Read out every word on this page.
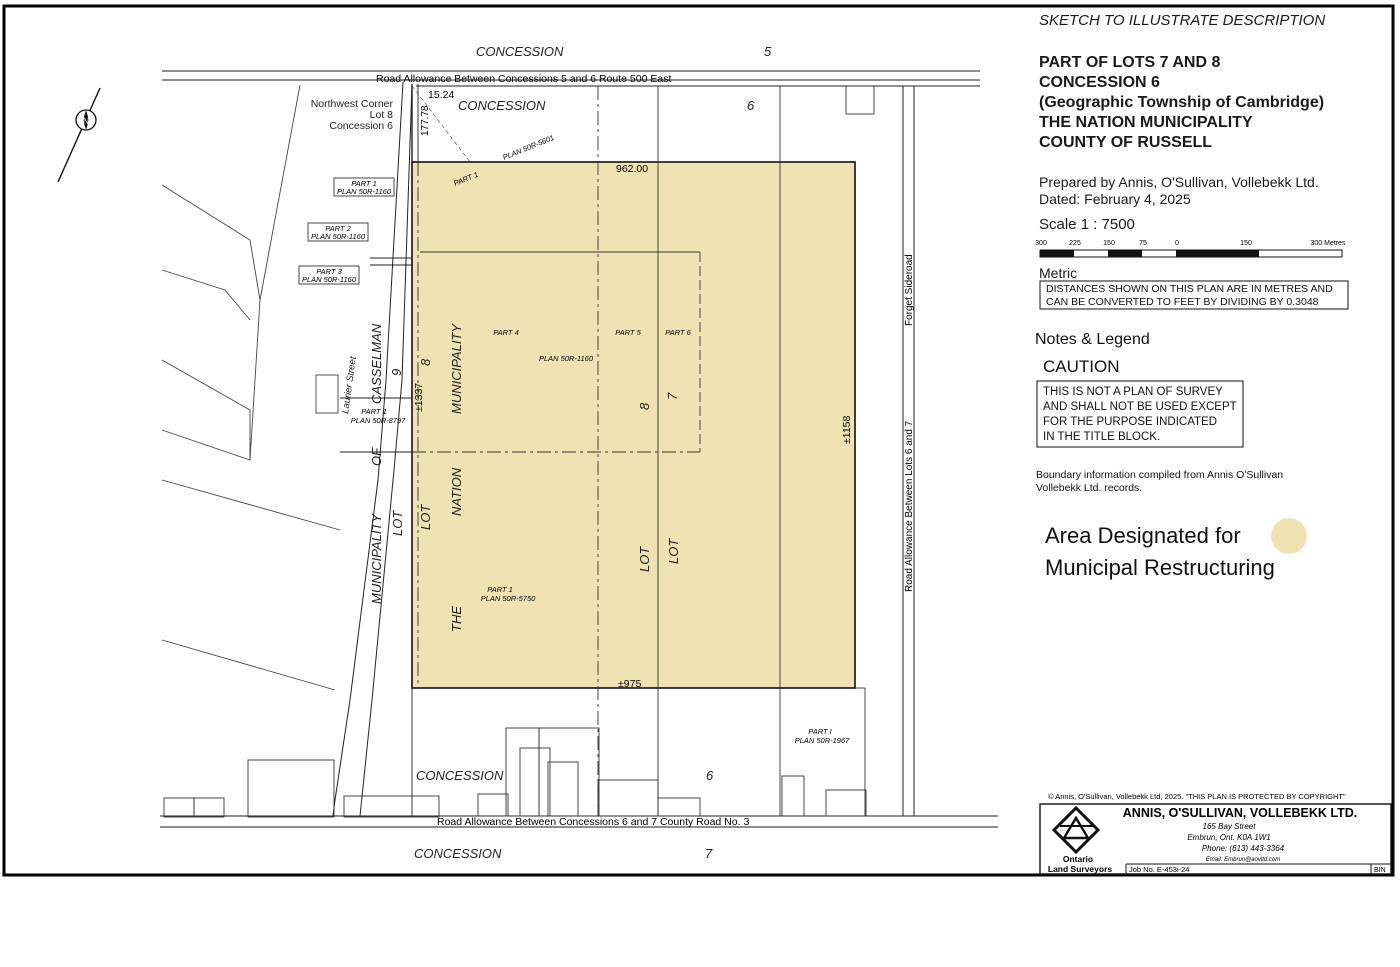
N
CONCESSION	5
CONCESSION	6
CONCESSION	6
CONCESSION	7
Road Allowance Between Concessions 5 and 6 Route 500 East
Road Allowance Between Concessions 6 and 7 County Road No. 3
Road Allowance Between Lots 6 and 7
Forget Sideroad
Northwest Corner
Lot 8
Concession 6
15.24
177.78
962.00
±1337
±1158
±975
PLAN 50R-5601
PART 1
PART 1
PLAN 50R-1160
PART 2
PLAN 50R-1160
PART 3
PLAN 50R-1160
PART 1
PLAN 50R-8797
PART 1
PLAN 50R-5750
PART I
PLAN 50R-1967
PART 4	PART 5	PART 6
PLAN 50R-1160
CASSELMAN
Laurier Street
OF
MUNICIPALITY LOT
9
8 MUNICIPALITY
NATION
THE
LOT
8
7
LOT LOT
300	225	150	75	0	150	300 Metres
Ontario
Land Surveyors Job No. E-453i-24	BIN
ANNIS, O'SULLIVAN, VOLLEBEKK LTD.
165 Bay Street
Embrun, Ont. K0A 1W1
Phone: (613) 443-3364
Email: Embrun@aovltd.com
© Annis, O'Sullivan, Vollebekk Ltd, 2025. "THIS PLAN IS PROTECTED BY COPYRIGHT"
SKETCH TO ILLUSTRATE DESCRIPTION
PART OF LOTS 7 AND 8
CONCESSION 6
(Geographic Township of Cambridge)
THE NATION MUNICIPALITY
COUNTY OF RUSSELL
Prepared by Annis, O'Sullivan, Vollebekk Ltd.
Dated: February 4, 2025
Scale 1 : 7500
Metric
DISTANCES SHOWN ON THIS PLAN ARE IN METRES AND
CAN BE CONVERTED TO FEET BY DIVIDING BY 0.3048
Notes & Legend
CAUTION
THIS IS NOT A PLAN OF SURVEY
AND SHALL NOT BE USED EXCEPT
FOR THE PURPOSE INDICATED
IN THE TITLE BLOCK.
Boundary information compiled from Annis O'Sullivan
Vollebekk Ltd. records.
Area Designated for
Municipal Restructuring
